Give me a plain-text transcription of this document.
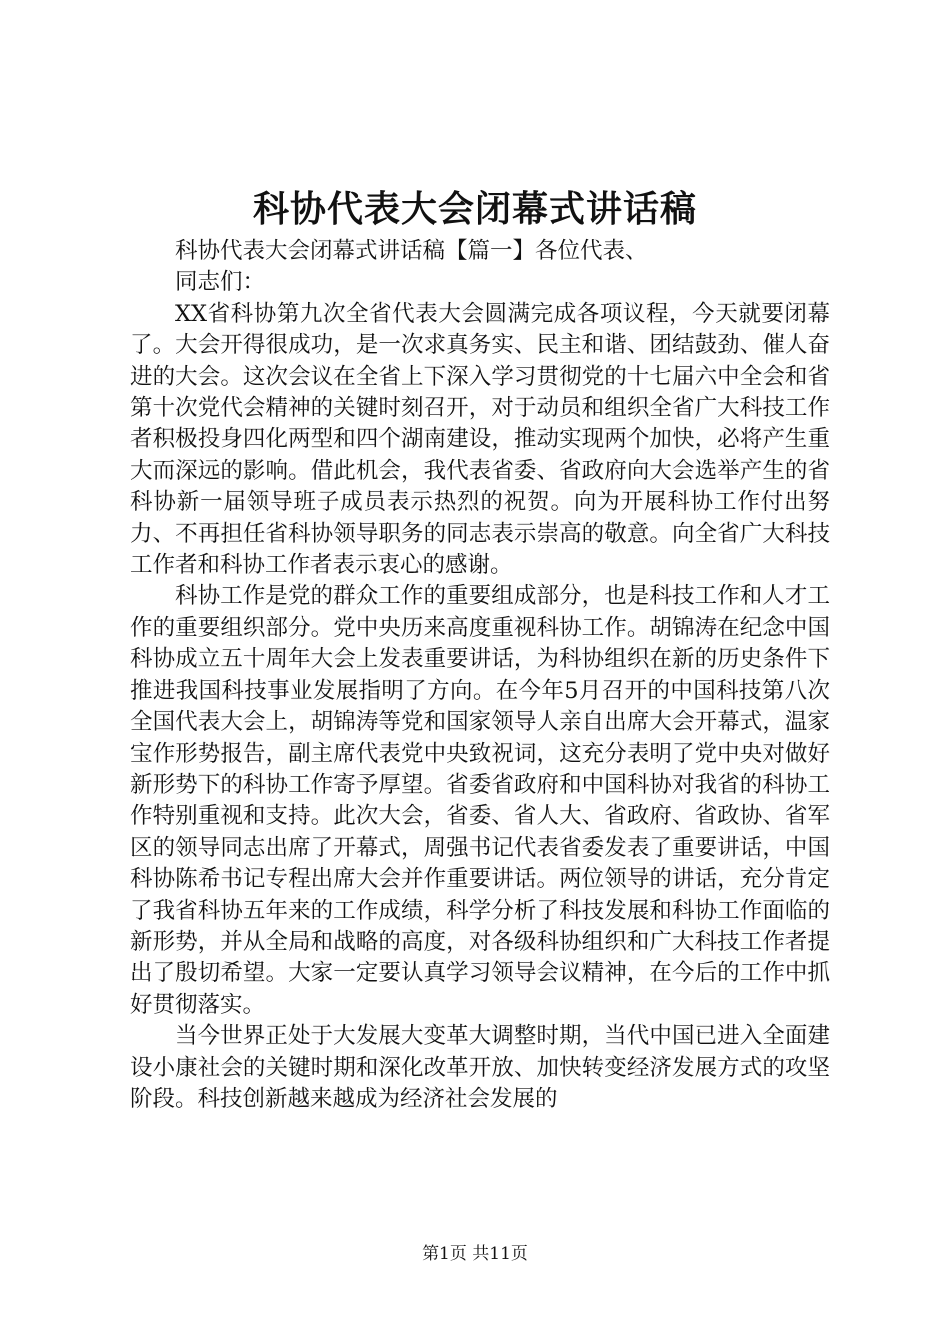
科协代表大会闭幕式讲话稿

科协代表大会闭幕式讲话稿【篇一】各位代表、

同志们：

XX省科协第九次全省代表大会圆满完成各项议程，今天就要闭幕了。大会开得很成功，是一次求真务实、民主和谐、团结鼓劲、催人奋进的大会。这次会议在全省上下深入学习贯彻党的十七届六中全会和省第十次党代会精神的关键时刻召开，对于动员和组织全省广大科技工作者积极投身四化两型和四个湖南建设，推动实现两个加快，必将产生重大而深远的影响。借此机会，我代表省委、省政府向大会选举产生的省科协新一届领导班子成员表示热烈的祝贺。向为开展科协工作付出努力、不再担任省科协领导职务的同志表示崇高的敬意。向全省广大科技工作者和科协工作者表示衷心的感谢。

科协工作是党的群众工作的重要组成部分，也是科技工作和人才工作的重要组织部分。党中央历来高度重视科协工作。胡锦涛在纪念中国科协成立五十周年大会上发表重要讲话，为科协组织在新的历史条件下推进我国科技事业发展指明了方向。在今年5月召开的中国科技第八次全国代表大会上，胡锦涛等党和国家领导人亲自出席大会开幕式，温家宝作形势报告，副主席代表党中央致祝词，这充分表明了党中央对做好新形势下的科协工作寄予厚望。省委省政府和中国科协对我省的科协工作特别重视和支持。此次大会，省委、省人大、省政府、省政协、省军区的领导同志出席了开幕式，周强书记代表省委发表了重要讲话，中国科协陈希书记专程出席大会并作重要讲话。两位领导的讲话，充分肯定了我省科协五年来的工作成绩，科学分析了科技发展和科协工作面临的新形势，并从全局和战略的高度，对各级科协组织和广大科技工作者提出了殷切希望。大家一定要认真学习领导会议精神，在今后的工作中抓好贯彻落实。

当今世界正处于大发展大变革大调整时期，当代中国已进入全面建设小康社会的关键时期和深化改革开放、加快转变经济发展方式的攻坚阶段。科技创新越来越成为经济社会发展的

第1页 共11页
